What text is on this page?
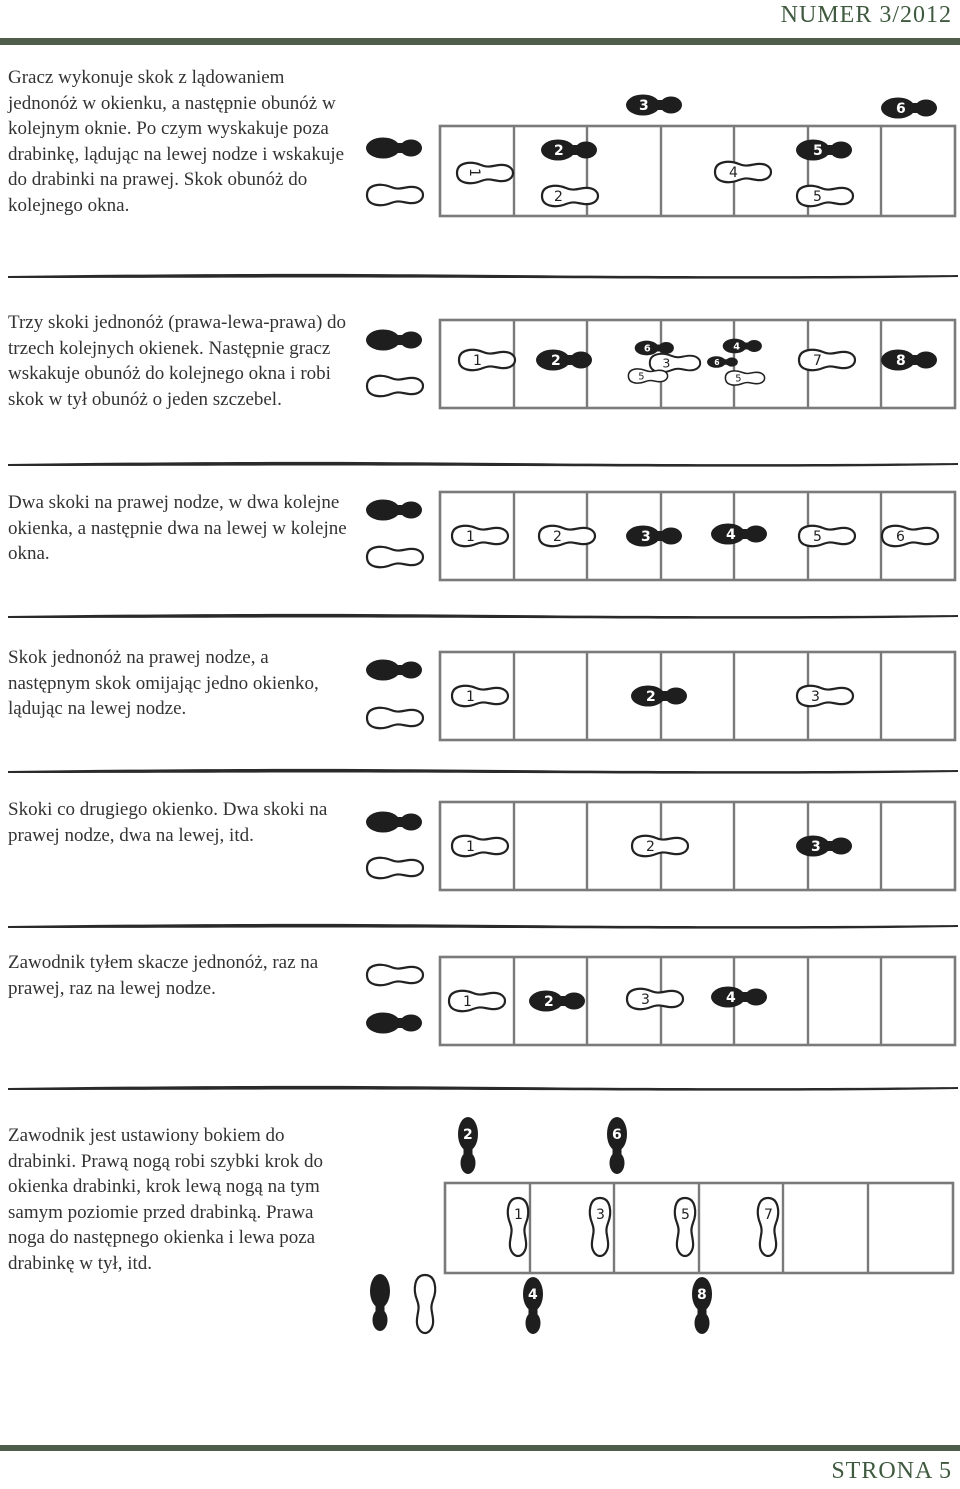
NUMER 3/2012
Gracz wykonuje skok z lądowaniem jednonóż w okienku, a następnie obunóż w kolejnym oknie. Po czym wyskakuje poza drabinkę, lądując na lewej nodze i wskakuje do drabinki na prawej. Skok obunóż do kolejnego okna.
1
2
2
3
4
5
5
6
Trzy skoki jednonóż (prawa-lewa-prawa) do trzech kolejnych okienek. Następnie gracz wskakuje obunóż do kolejnego okna i robi skok w tył obunóż o jeden szczebel.
1	2
6
3
5
4
6
5
7	8
Dwa skoki na prawej nodze, w dwa kolejne okienka, a następnie dwa na lewej w kolejne okna.
1	2	3	4	5	6
Skok jednonóż na prawej nodze, a następnym skok omijając jedno okienko, lądując na lewej nodze.
1	2	3
Skoki co drugiego okienko. Dwa skoki na prawej nodze, dwa na lewej, itd.
1	2	3
Zawodnik tyłem skacze jednonóż, raz na prawej, raz na lewej nodze.
1	2	3	4
Zawodnik jest ustawiony bokiem do drabinki. Prawą nogą robi szybki krok do okienka drabinki, krok lewą nogą na tym samym poziomie przed drabinką. Prawa noga do następnego okienka i lewa poza drabinkę w tył, itd.
2
1
4
3
6
5
8
7
STRONA 5
